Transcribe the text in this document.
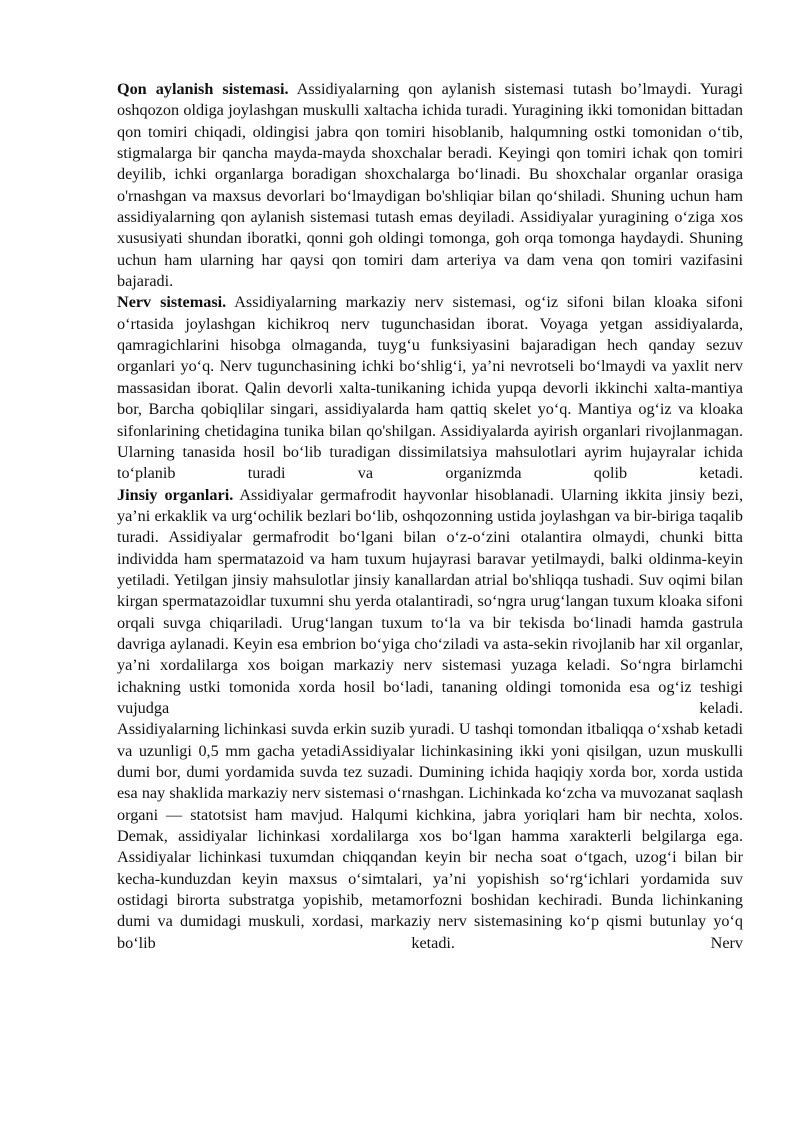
Qon aylanish sistemasi. Assidiyalarning qon aylanish sistemasi tutash bo’lmaydi. Yuragi oshqozon oldiga joylashgan muskulli xaltacha ichida turadi. Yuragining ikki tomonidan bittadan qon tomiri chiqadi, oldingisi jabra qon tomiri hisoblanib, halqumning ostki tomonidan o‘tib, stigmalarga bir qancha mayda-mayda shoxchalar beradi. Keyingi qon tomiri ichak qon tomiri deyilib, ichki organlarga boradigan shoxchalarga bo‘linadi. Bu shoxchalar organlar orasiga o'rnashgan va maxsus devorlari bo‘lmaydigan bo'shliqiar bilan qo‘shiladi. Shuning uchun ham assidiyalarning qon aylanish sistemasi tutash emas deyiladi. Assidiyalar yuragining o‘ziga xos xususiyati shundan iboratki, qonni goh oldingi tomonga, goh orqa tomonga haydaydi. Shuning uchun ham ularning har qaysi qon tomiri dam arteriya va dam vena qon tomiri vazifasini bajaradi.

Nerv sistemasi. Assidiyalarning markaziy nerv sistemasi, og‘iz sifoni bilan kloaka sifoni o‘rtasida joylashgan kichikroq nerv tugunchasidan iborat. Voyaga yetgan assidiyalarda, qamragichlarini hisobga olmaganda, tuyg‘u funksiyasini bajaradigan hech qanday sezuv organlari yo‘q. Nerv tugunchasining ichki bo‘shlig‘i, ya’ni nevrotseli bo‘lmaydi va yaxlit nerv massasidan iborat. Qalin devorli xalta-tunikaning ichida yupqa devorli ikkinchi xalta-mantiya bor, Barcha qobiqlilar singari, assidiyalarda ham qattiq skelet yo‘q. Mantiya og‘iz va kloaka sifonlarining chetidagina tunika bilan qo'shilgan. Assidiyalarda ayirish organlari rivojlanmagan. Ularning tanasida hosil bo‘lib turadigan dissimilatsiya mahsulotlari ayrim hujayralar ichida to‘planib turadi va organizmda qolib ketadi.

Jinsiy organlari. Assidiyalar germafrodit hayvonlar hisoblanadi. Ularning ikkita jinsiy bezi, ya’ni erkaklik va urg‘ochilik bezlari bo‘lib, oshqozonning ustida joylashgan va bir-biriga taqalib turadi. Assidiyalar germafrodit bo‘lgani bilan o‘z-o‘zini otalantira olmaydi, chunki bitta individda ham spermatazoid va ham tuxum hujayrasi baravar yetilmaydi, balki oldinma-keyin yetiladi. Yetilgan jinsiy mahsulotlar jinsiy kanallardan atrial bo'shliqqa tushadi. Suv oqimi bilan kirgan spermatazoidlar tuxumni shu yerda otalantiradi, so‘ngra urug‘langan tuxum kloaka sifoni orqali suvga chiqariladi. Urug‘langan tuxum to‘la va bir tekisda bo‘linadi hamda gastrula davriga aylanadi. Keyin esa embrion bo‘yiga cho‘ziladi va asta-sekin rivojlanib har xil organlar, ya’ni xordalilarga xos boigan markaziy nerv sistemasi yuzaga keladi. So‘ngra birlamchi ichakning ustki tomonida xorda hosil bo‘ladi, tananing oldingi tomonida esa og‘iz teshigi vujudga keladi.

Assidiyalarning lichinkasi suvda erkin suzib yuradi. U tashqi tomondan itbaliqqa o‘xshab ketadi va uzunligi 0,5 mm gacha yetadiAssidiyalar lichinkasining ikki yoni qisilgan, uzun muskulli dumi bor, dumi yordamida suvda tez suzadi. Dumining ichida haqiqiy xorda bor, xorda ustida esa nay shaklida markaziy nerv sistemasi o‘rnashgan. Lichinkada ko‘zcha va muvozanat saqlash organi — statotsist ham mavjud. Halqumi kichkina, jabra yoriqlari ham bir nechta, xolos.

Demak, assidiyalar lichinkasi xordalilarga xos bo‘lgan hamma xarakterli belgilarga ega. Assidiyalar lichinkasi tuxumdan chiqqandan keyin bir necha soat o‘tgach, uzog‘i bilan bir kecha-kunduzdan keyin maxsus o‘simtalari, ya’ni yopishish so‘rg‘ichlari yordamida suv ostidagi birorta substratga yopishib, metamorfozni boshidan kechiradi. Bunda lichinkaning dumi va dumidagi muskuli, xordasi, markaziy nerv sistemasining ko‘p qismi butunlay yo‘q bo‘lib ketadi. Nerv
